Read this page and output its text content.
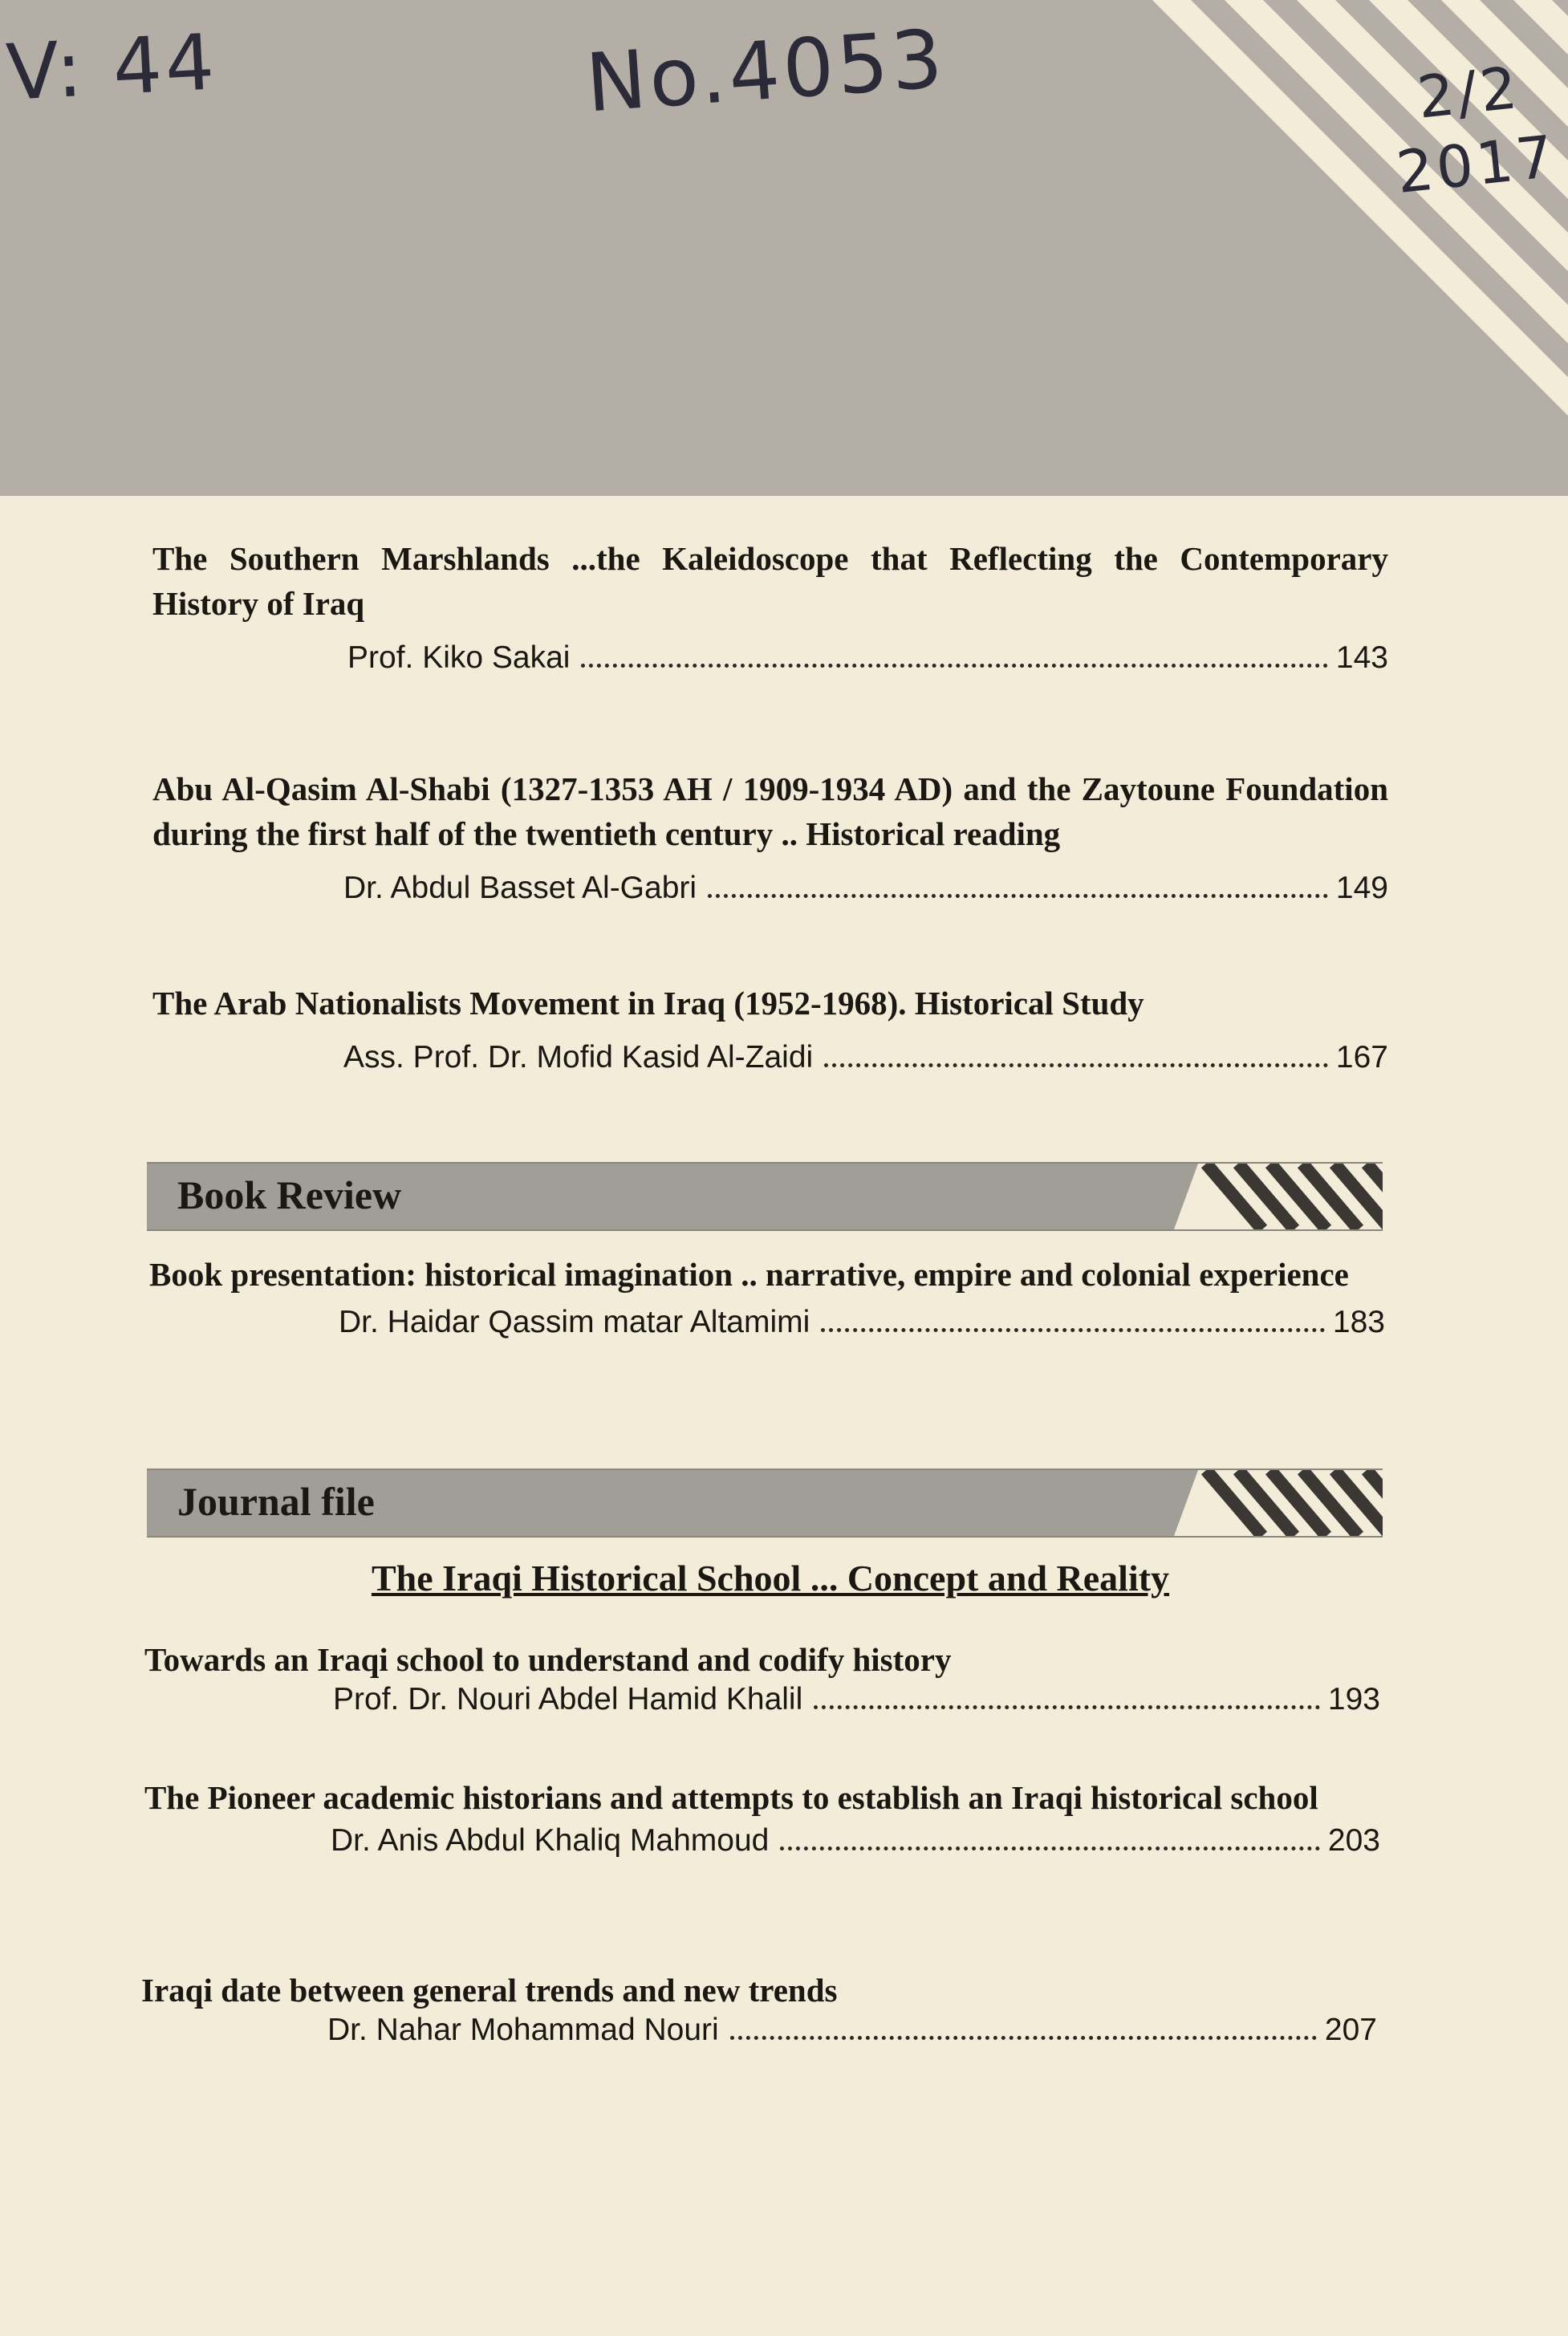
V: 44	No.4053	2/2 2017

The Southern Marshlands ...the Kaleidoscope that Reflecting the Contemporary History of Iraq

Prof. Kiko Sakai	143

Abu Al-Qasim Al-Shabi (1327-1353 AH / 1909-1934 AD) and the Zaytoune Foundation during the first half of the twentieth century .. Historical reading

Dr. Abdul Basset Al-Gabri	149

The Arab Nationalists Movement in Iraq (1952-1968). Historical Study

Ass. Prof. Dr. Mofid Kasid Al-Zaidi	167
Book Review

Book presentation: historical imagination .. narrative, empire and colonial experience

Dr. Haidar Qassim matar Altamimi	183
Journal file
The Iraqi Historical School ... Concept and Reality

Towards an Iraqi school to understand and codify history

Prof. Dr. Nouri Abdel Hamid Khalil	193

The Pioneer academic historians and attempts to establish an Iraqi historical school

Dr. Anis Abdul Khaliq Mahmoud	203

Iraqi date between general trends and new trends

Dr. Nahar Mohammad Nouri	207
